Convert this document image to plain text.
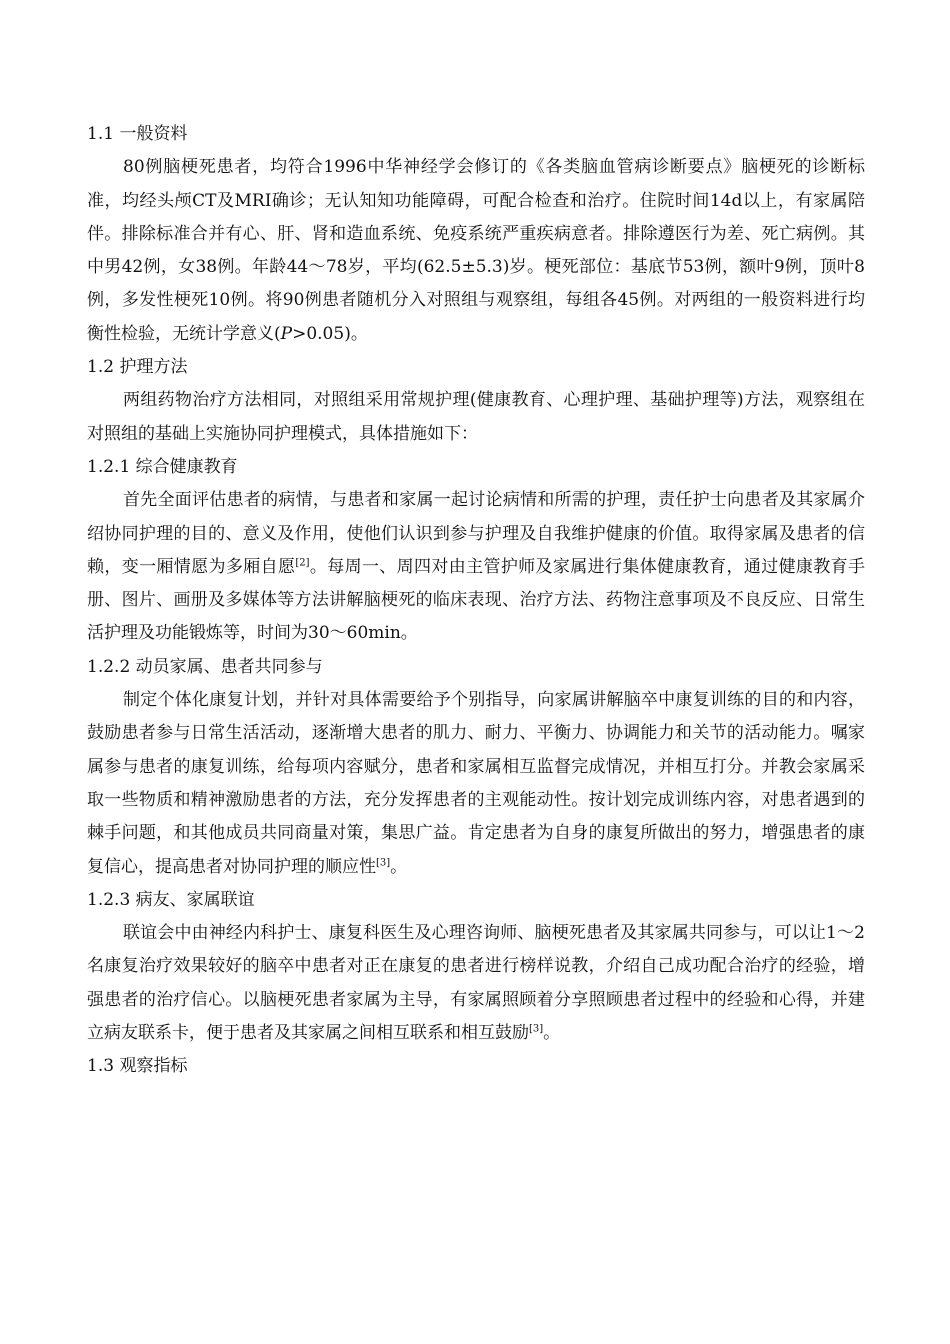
1.1 一般资料

80例脑梗死患者，均符合1996中华神经学会修订的《各类脑血管病诊断要点》脑梗死的诊断标准，均经头颅CT及MRI确诊；无认知知功能障碍，可配合检查和治疗。住院时间14d以上，有家属陪伴。排除标准合并有心、肝、肾和造血系统、免疫系统严重疾病意者。排除遵医行为差、死亡病例。其中男42例，女38例。年龄44～78岁，平均(62.5±5.3)岁。梗死部位：基底节53例，额叶9例，顶叶8例，多发性梗死10例。将90例患者随机分入对照组与观察组，每组各45例。对两组的一般资料进行均衡性检验，无统计学意义(P>0.05)。

1.2 护理方法

两组药物治疗方法相同，对照组采用常规护理(健康教育、心理护理、基础护理等)方法，观察组在对照组的基础上实施协同护理模式，具体措施如下：

1.2.1 综合健康教育

首先全面评估患者的病情，与患者和家属一起讨论病情和所需的护理，责任护士向患者及其家属介绍协同护理的目的、意义及作用，使他们认识到参与护理及自我维护健康的价值。取得家属及患者的信赖，变一厢情愿为多厢自愿[2]。每周一、周四对由主管护师及家属进行集体健康教育，通过健康教育手册、图片、画册及多媒体等方法讲解脑梗死的临床表现、治疗方法、药物注意事项及不良反应、日常生活护理及功能锻炼等，时间为30～60min。

1.2.2 动员家属、患者共同参与

制定个体化康复计划，并针对具体需要给予个别指导，向家属讲解脑卒中康复训练的目的和内容，鼓励患者参与日常生活活动，逐渐增大患者的肌力、耐力、平衡力、协调能力和关节的活动能力。嘱家属参与患者的康复训练，给每项内容赋分，患者和家属相互监督完成情况，并相互打分。并教会家属采取一些物质和精神激励患者的方法，充分发挥患者的主观能动性。按计划完成训练内容，对患者遇到的棘手问题，和其他成员共同商量对策，集思广益。肯定患者为自身的康复所做出的努力，增强患者的康复信心，提高患者对协同护理的顺应性[3]。

1.2.3 病友、家属联谊

联谊会中由神经内科护士、康复科医生及心理咨询师、脑梗死患者及其家属共同参与，可以让1～2名康复治疗效果较好的脑卒中患者对正在康复的患者进行榜样说教，介绍自己成功配合治疗的经验，增强患者的治疗信心。以脑梗死患者家属为主导，有家属照顾着分享照顾患者过程中的经验和心得，并建立病友联系卡，便于患者及其家属之间相互联系和相互鼓励[3]。

1.3 观察指标
